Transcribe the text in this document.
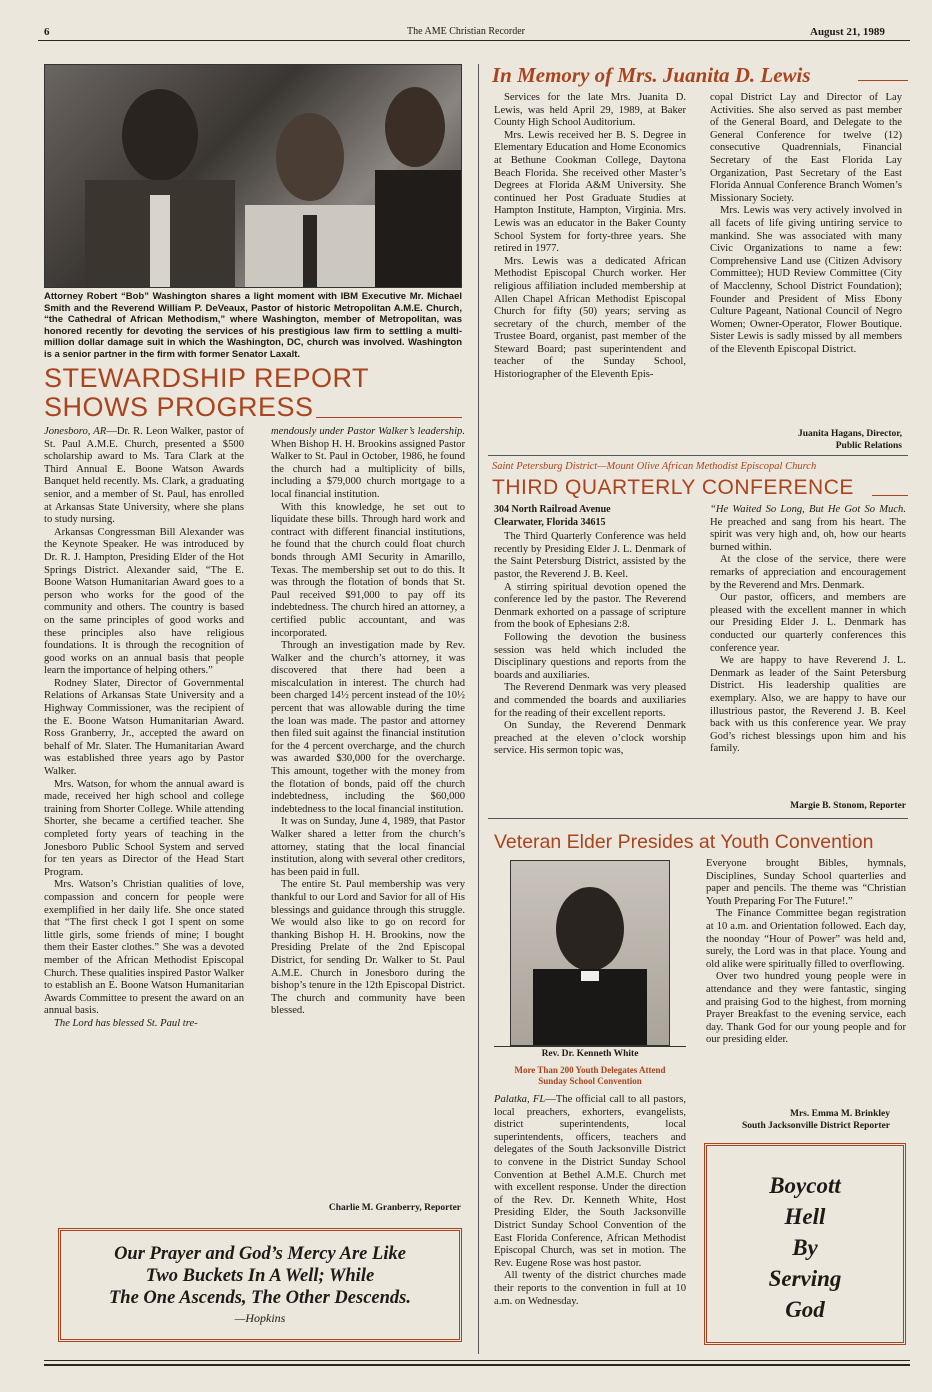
6	The AME Christian Recorder	August 21, 1989
Attorney Robert “Bob” Washington shares a light moment with IBM Executive Mr. Michael Smith and the Reverend William P. DeVeaux, Pastor of historic Metropolitan A.M.E. Church, “the Cathedral of African Methodism,” where Washington, member of Metropolitan, was honored recently for devoting the services of his prestigious law firm to settling a multi-million dollar damage suit in which the Washington, DC, church was involved. Washington is a senior partner in the firm with former Senator Laxalt.
STEWARDSHIP REPORT
SHOWS PROGRESS

Jonesboro, AR—Dr. R. Leon Walker, pastor of St. Paul A.M.E. Church, presented a $500 scholarship award to Ms. Tara Clark at the Third Annual E. Boone Watson Awards Banquet held recently. Ms. Clark, a graduating senior, and a member of St. Paul, has enrolled at Arkansas State University, where she plans to study nursing.

Arkansas Congressman Bill Alexander was the Keynote Speaker. He was introduced by Dr. R. J. Hampton, Presiding Elder of the Hot Springs District. Alexander said, “The E. Boone Watson Humanitarian Award goes to a person who works for the good of the community and others. The country is based on the same principles of good works and these principles also have religious foundations. It is through the recognition of good works on an annual basis that people learn the importance of helping others.”

Rodney Slater, Director of Governmental Relations of Arkansas State University and a Highway Commissioner, was the recipient of the E. Boone Watson Humanitarian Award. Ross Granberry, Jr., accepted the award on behalf of Mr. Slater. The Humanitarian Award was established three years ago by Pastor Walker.

Mrs. Watson, for whom the annual award is made, received her high school and college training from Shorter College. While attending Shorter, she became a certified teacher. She completed forty years of teaching in the Jonesboro Public School System and served for ten years as Director of the Head Start Program.

Mrs. Watson’s Christian qualities of love, compassion and concern for people were exemplified in her daily life. She once stated that “The first check I got I spent on some little girls, some friends of mine; I bought them their Easter clothes.” She was a devoted member of the African Methodist Episcopal Church. These qualities inspired Pastor Walker to establish an E. Boone Watson Humanitarian Awards Committee to present the award on an annual basis.

The Lord has blessed St. Paul tre-

mendously under Pastor Walker’s leadership. When Bishop H. H. Brookins assigned Pastor Walker to St. Paul in October, 1986, he found the church had a multiplicity of bills, including a $79,000 church mortgage to a local financial institution.

With this knowledge, he set out to liquidate these bills. Through hard work and contract with different financial institutions, he found that the church could float church bonds through AMI Security in Amarillo, Texas. The membership set out to do this. It was through the flotation of bonds that St. Paul received $91,000 to pay off its indebtedness. The church hired an attorney, a certified public accountant, and was incorporated.

Through an investigation made by Rev. Walker and the church’s attorney, it was discovered that there had been a miscalculation in interest. The church had been charged 14½ percent instead of the 10½ percent that was allowable during the time the loan was made. The pastor and attorney then filed suit against the financial institution for the 4 percent overcharge, and the church was awarded $30,000 for the overcharge. This amount, together with the money from the flotation of bonds, paid off the church indebtedness, including the $60,000 indebtedness to the local financial institution.

It was on Sunday, June 4, 1989, that Pastor Walker shared a letter from the church’s attorney, stating that the local financial institution, along with several other creditors, has been paid in full.

The entire St. Paul membership was very thankful to our Lord and Savior for all of His blessings and guidance through this struggle. We would also like to go on record for thanking Bishop H. H. Brookins, now the Presiding Prelate of the 2nd Episcopal District, for sending Dr. Walker to St. Paul A.M.E. Church in Jonesboro during the bishop’s tenure in the 12th Episcopal District. The church and community have been blessed.

Charlie M. Granberry, Reporter
Our Prayer and God’s Mercy Are Like
Two Buckets In A Well; While
The One Ascends, The Other Descends.
—Hopkins
In Memory of Mrs. Juanita D. Lewis

Services for the late Mrs. Juanita D. Lewis, was held April 29, 1989, at Baker County High School Auditorium.

Mrs. Lewis received her B. S. Degree in Elementary Education and Home Economics at Bethune Cookman College, Daytona Beach Florida. She received other Master’s Degrees at Florida A&M University. She continued her Post Graduate Studies at Hampton Institute, Hampton, Virginia. Mrs. Lewis was an educator in the Baker County School System for forty-three years. She retired in 1977.

Mrs. Lewis was a dedicated African Methodist Episcopal Church worker. Her religious affiliation included membership at Allen Chapel African Methodist Episcopal Church for fifty (50) years; serving as secretary of the church, member of the Trustee Board, organist, past member of the Steward Board; past superintendent and teacher of the Sunday School, Historiographer of the Eleventh Epis-

copal District Lay and Director of Lay Activities. She also served as past member of the General Board, and Delegate to the General Conference for twelve (12) consecutive Quadrennials, Financial Secretary of the East Florida Lay Organization, Past Secretary of the East Florida Annual Conference Branch Women’s Missionary Society.

Mrs. Lewis was very actively involved in all facets of life giving untiring service to mankind. She was associated with many Civic Organizations to name a few: Comprehensive Land use (Citizen Advisory Committee); HUD Review Committee (City of Macclenny, School District Foundation); Founder and President of Miss Ebony Culture Pageant, National Council of Negro Women; Owner-Operator, Flower Boutique. Sister Lewis is sadly missed by all members of the Eleventh Episcopal District.

Juanita Hagans, Director,
Public Relations
Saint Petersburg District—Mount Olive African Methodist Episcopal Church
THIRD QUARTERLY CONFERENCE

304 North Railroad Avenue

Clearwater, Florida 34615

The Third Quarterly Conference was held recently by Presiding Elder J. L. Denmark of the Saint Petersburg District, assisted by the pastor, the Reverend J. B. Keel.

A stirring spiritual devotion opened the conference led by the pastor. The Reverend Denmark exhorted on a passage of scripture from the book of Ephesians 2:8.

Following the devotion the business session was held which included the Disciplinary questions and reports from the boards and auxiliaries.

The Reverend Denmark was very pleased and commended the boards and auxiliaries for the reading of their excellent reports.

On Sunday, the Reverend Denmark preached at the eleven o’clock worship service. His sermon topic was,

“He Waited So Long, But He Got So Much. He preached and sang from his heart. The spirit was very high and, oh, how our hearts burned within.

At the close of the service, there were remarks of appreciation and encouragement by the Reverend and Mrs. Denmark.

Our pastor, officers, and members are pleased with the excellent manner in which our Presiding Elder J. L. Denmark has conducted our quarterly conferences this conference year.

We are happy to have Reverend J. L. Denmark as leader of the Saint Petersburg District. His leadership qualities are exemplary. Also, we are happy to have our illustrious pastor, the Reverend J. B. Keel back with us this conference year. We pray God’s richest blessings upon him and his family.

Margie B. Stonom, Reporter
Veteran Elder Presides at Youth Convention
Rev. Dr. Kenneth White
More Than 200 Youth Delegates Attend
Sunday School Convention

Palatka, FL—The official call to all pastors, local preachers, exhorters, evangelists, district superintendents, local superintendents, officers, teachers and delegates of the South Jacksonville District to convene in the District Sunday School Convention at Bethel A.M.E. Church met with excellent response. Under the direction of the Rev. Dr. Kenneth White, Host Presiding Elder, the South Jacksonville District Sunday School Convention of the East Florida Conference, African Methodist Episcopal Church, was set in motion. The Rev. Eugene Rose was host pastor.

All twenty of the district churches made their reports to the convention in full at 10 a.m. on Wednesday.

Everyone brought Bibles, hymnals, Disciplines, Sunday School quarterlies and paper and pencils. The theme was “Christian Youth Preparing For The Future!.”

The Finance Committee began registration at 10 a.m. and Orientation followed. Each day, the noonday “Hour of Power” was held and, surely, the Lord was in that place. Young and old alike were spiritually filled to overflowing.

Over two hundred young people were in attendance and they were fantastic, singing and praising God to the highest, from morning Prayer Breakfast to the evening service, each day. Thank God for our young people and for our presiding elder.

Mrs. Emma M. Brinkley
South Jacksonville District Reporter
Boycott
Hell
By
Serving
God
